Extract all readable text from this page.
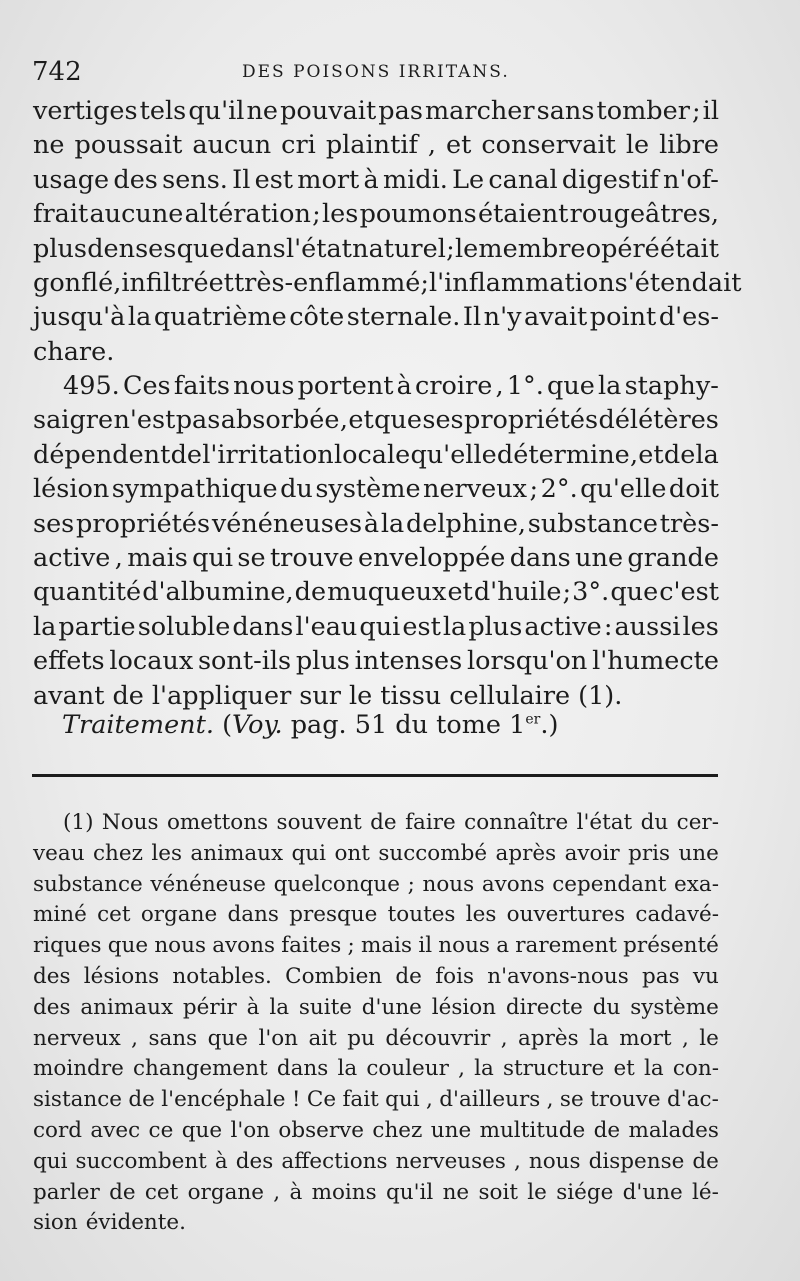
742	DES POISONS IRRITANS.
vertiges tels qu'il ne pouvait pas marcher sans tomber ; il
ne poussait aucun cri plaintif , et conservait le libre
usage des sens. Il est mort à midi. Le canal digestif n'of-
frait aucune altération ; les poumons étaient rougeâtres,
plus denses que dans l'état naturel ; le membre opéré était
gonflé , infiltré et très-enflammé ; l'inflammation s'étendait
jusqu'à la quatrième côte sternale. Il n'y avait point d'es-
chare.
495. Ces faits nous portent à croire , 1°. que la staphy-
saigre n'est pas absorbée , et que ses propriétés délétères
dépendent de l'irritation locale qu'elle détermine , et de la
lésion sympathique du système nerveux ; 2°. qu'elle doit
ses propriétés vénéneuses à la delphine, substance très-
active , mais qui se trouve enveloppée dans une grande
quantité d'albumine, de muqueux et d'huile ; 3°. que c'est
la partie soluble dans l'eau qui est la plus active : aussi les
effets locaux sont-ils plus intenses lorsqu'on l'humecte
avant de l'appliquer sur le tissu cellulaire (1).
Traitement. (Voy. pag. 51 du tome 1er.)
(1) Nous omettons souvent de faire connaître l'état du cer-
veau chez les animaux qui ont succombé après avoir pris une
substance vénéneuse quelconque ; nous avons cependant exa-
miné cet organe dans presque toutes les ouvertures cadavé-
riques que nous avons faites ; mais il nous a rarement présenté
des lésions notables. Combien de fois n'avons-nous pas vu
des animaux périr à la suite d'une lésion directe du système
nerveux , sans que l'on ait pu découvrir , après la mort , le
moindre changement dans la couleur , la structure et la con-
sistance de l'encéphale ! Ce fait qui , d'ailleurs , se trouve d'ac-
cord avec ce que l'on observe chez une multitude de malades
qui succombent à des affections nerveuses , nous dispense de
parler de cet organe , à moins qu'il ne soit le siége d'une lé-
sion évidente.
